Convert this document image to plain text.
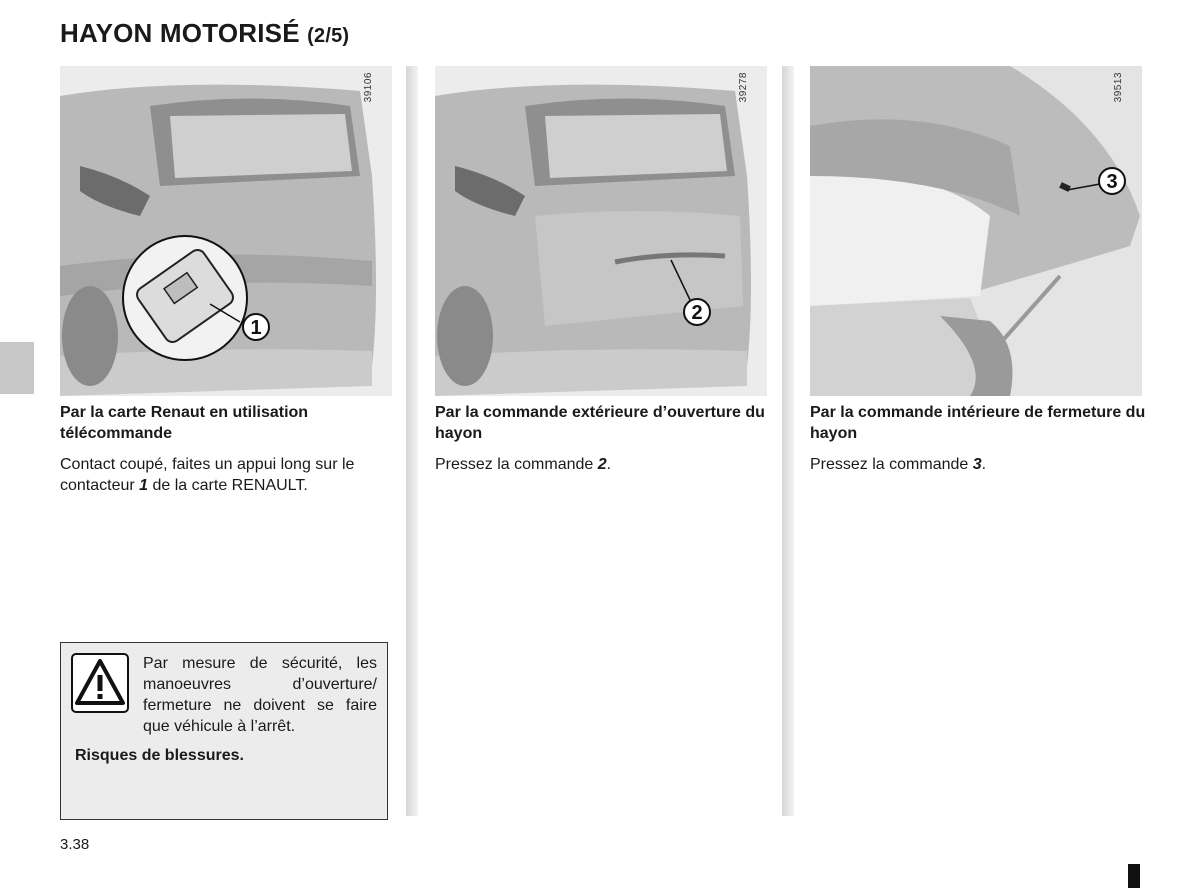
HAYON MOTORISÉ (2/5)
1
39106
Par la carte Renaut en utilisation télécommande

Contact coupé, faites un appui long sur le contacteur 1 de la carte RENAULT.

2
39278
Par la commande extérieure d’ouverture du hayon

Pressez la commande 2.

3
39513
Par la commande intérieure de fermeture du hayon

Pressez la commande 3.

Par mesure de sécurité, les manoeuvres d’ouverture/ fermeture ne doivent se faire que véhicule à l’arrêt.

Risques de blessures.

3.38
